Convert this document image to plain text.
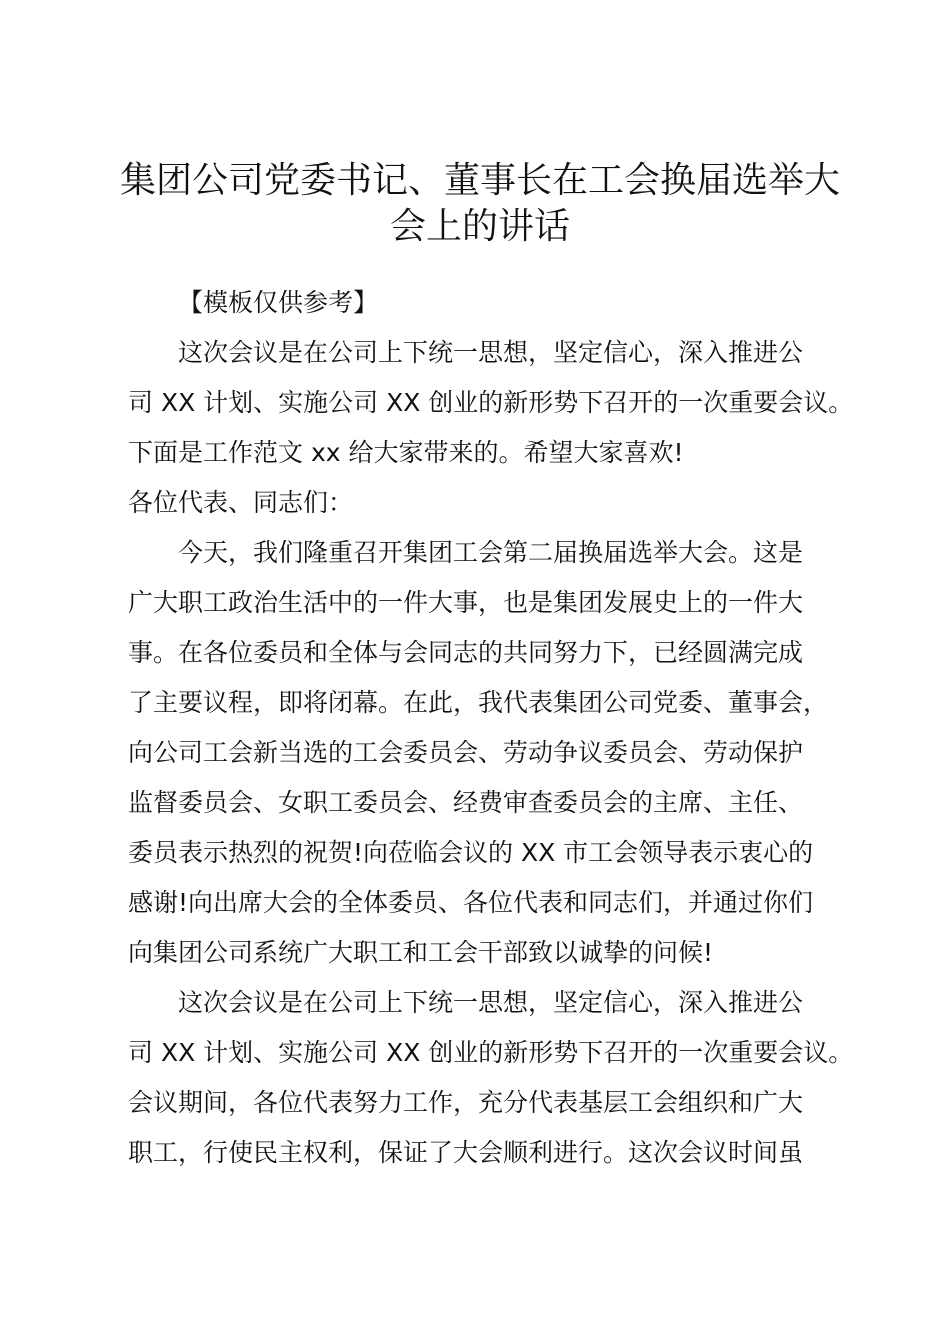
集团公司党委书记、董事长在工会换届选举大
会上的讲话

【模板仅供参考】

这次会议是在公司上下统一思想，坚定信心，深入推进公

司 XX 计划、实施公司 XX 创业的新形势下召开的一次重要会议。

下面是工作范文 xx 给大家带来的。希望大家喜欢!

各位代表、同志们：

今天，我们隆重召开集团工会第二届换届选举大会。这是

广大职工政治生活中的一件大事，也是集团发展史上的一件大

事。在各位委员和全体与会同志的共同努力下，已经圆满完成

了主要议程，即将闭幕。在此，我代表集团公司党委、董事会，

向公司工会新当选的工会委员会、劳动争议委员会、劳动保护

监督委员会、女职工委员会、经费审查委员会的主席、主任、

委员表示热烈的祝贺!向莅临会议的 XX 市工会领导表示衷心的

感谢!向出席大会的全体委员、各位代表和同志们，并通过你们

向集团公司系统广大职工和工会干部致以诚挚的问候!

这次会议是在公司上下统一思想，坚定信心，深入推进公

司 XX 计划、实施公司 XX 创业的新形势下召开的一次重要会议。

会议期间，各位代表努力工作，充分代表基层工会组织和广大

职工，行使民主权利，保证了大会顺利进行。这次会议时间虽
